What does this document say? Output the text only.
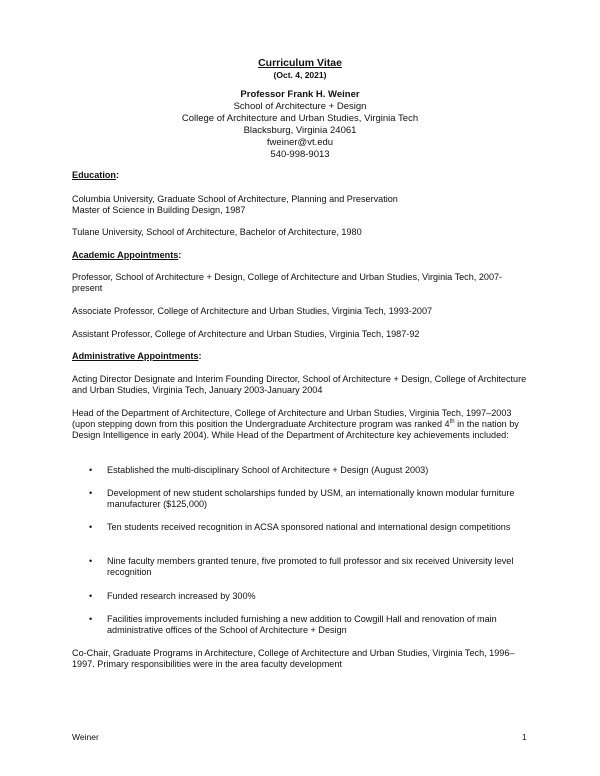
Curriculum Vitae
(Oct. 4, 2021)
Professor Frank H. Weiner
School of Architecture + Design
College of Architecture and Urban Studies, Virginia Tech
Blacksburg, Virginia 24061
fweiner@vt.edu
540-998-9013

Education:

Columbia University, Graduate School of Architecture, Planning and Preservation

Master of Science in Building Design, 1987

Tulane University, School of Architecture, Bachelor of Architecture, 1980

Academic Appointments:

Professor, School of Architecture + Design, College of Architecture and Urban Studies, Virginia Tech, 2007-present

Associate Professor, College of Architecture and Urban Studies, Virginia Tech, 1993-2007

Assistant Professor, College of Architecture and Urban Studies, Virginia Tech, 1987-92

Administrative Appointments:

Acting Director Designate and Interim Founding Director, School of Architecture + Design, College of Architecture and Urban Studies, Virginia Tech, January 2003-January 2004

Head of the Department of Architecture, College of Architecture and Urban Studies, Virginia Tech, 1997–2003 (upon stepping down from this position the Undergraduate Architecture program was ranked 4th in the nation by Design Intelligence in early 2004). While Head of the Department of Architecture key achievements included:

• Established the multi-disciplinary School of Architecture + Design (August 2003)
• Development of new student scholarships funded by USM, an internationally known modular furniture manufacturer ($125,000)
• Ten students received recognition in ACSA sponsored national and international design competitions
• Nine faculty members granted tenure, five promoted to full professor and six received University level recognition
• Funded research increased by 300%
• Facilities improvements included furnishing a new addition to Cowgill Hall and renovation of main administrative offices of the School of Architecture + Design

Co-Chair, Graduate Programs in Architecture, College of Architecture and Urban Studies, Virginia Tech, 1996–1997. Primary responsibilities were in the area faculty development

Weiner	1
